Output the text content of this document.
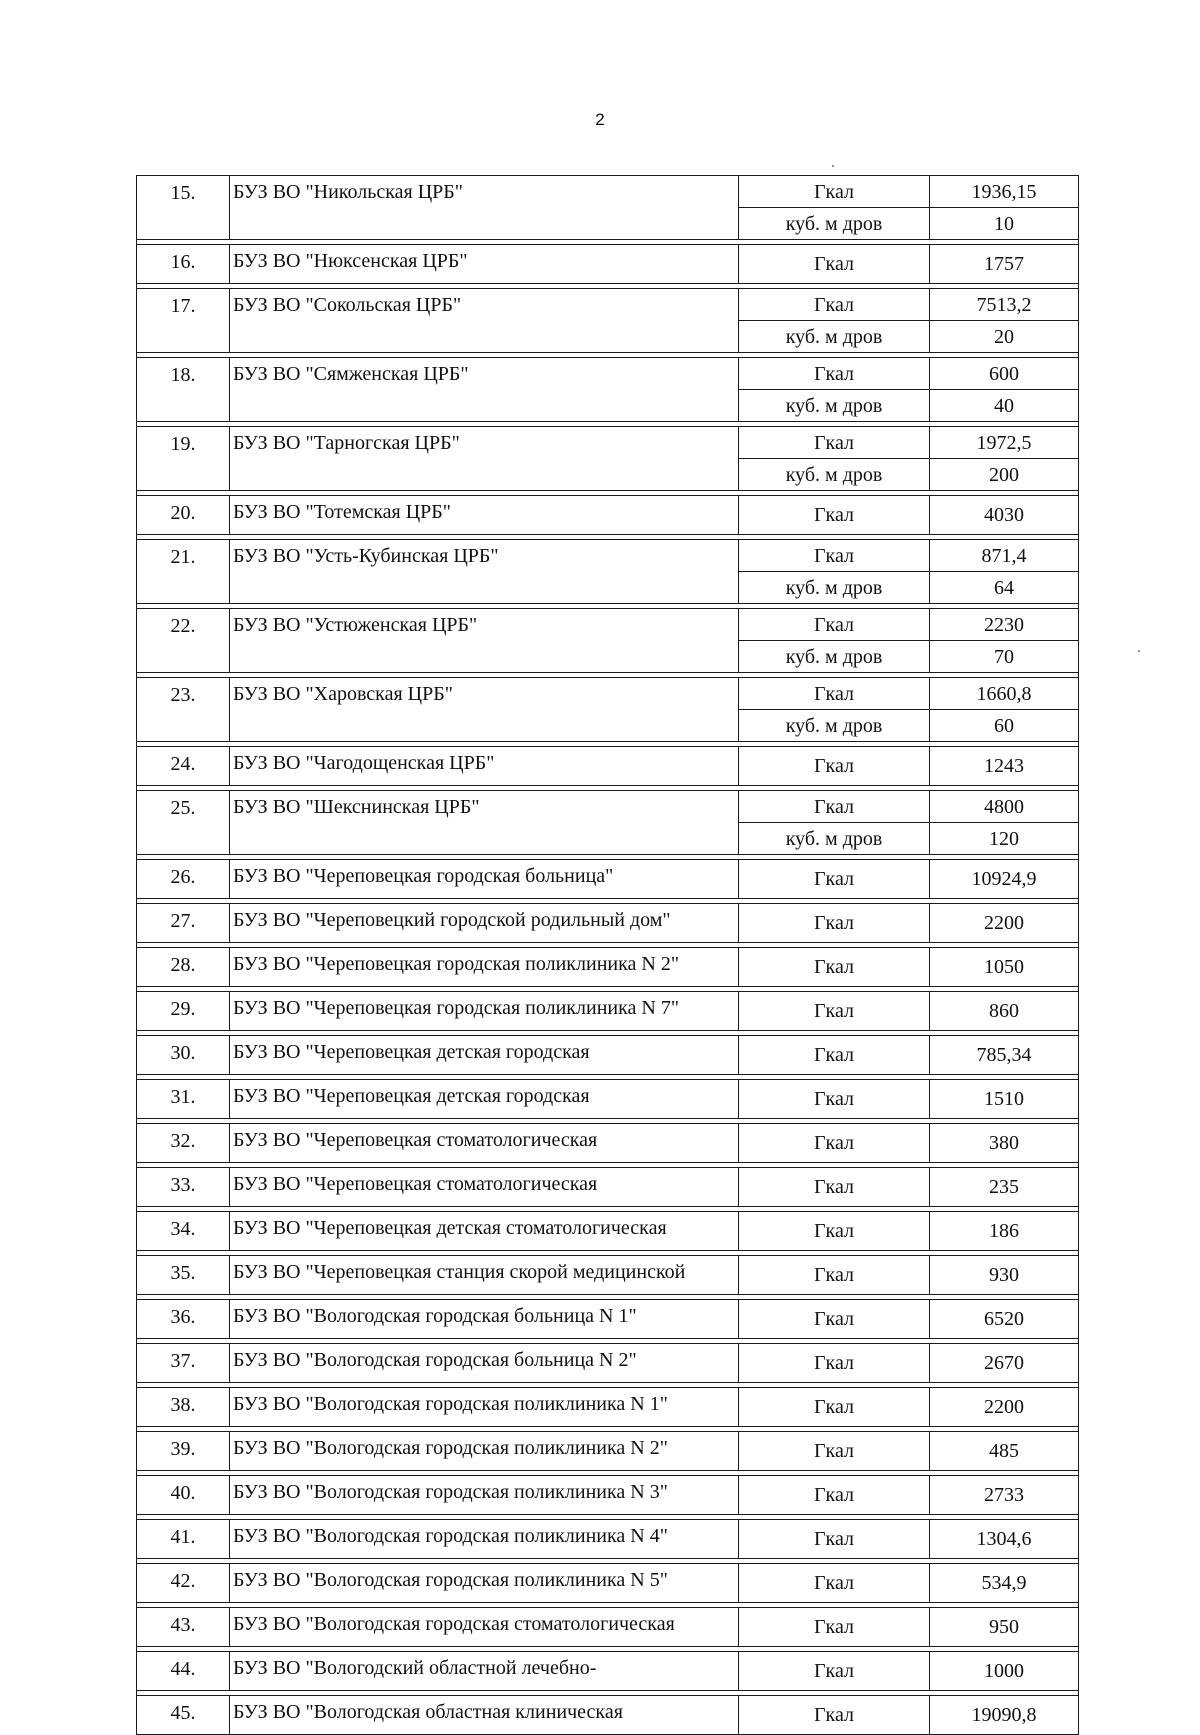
2
15.	БУЗ ВО "Никольская ЦРБ"	Гкал	1936,15
		куб. м дров	10

16.	БУЗ ВО "Нюксенская ЦРБ"	Гкал	1757

17.	БУЗ ВО "Сокольская ЦРБ"	Гкал	7513,2
		куб. м дров	20

18.	БУЗ ВО "Сямженская ЦРБ"	Гкал	600
		куб. м дров	40

19.	БУЗ ВО "Тарногская ЦРБ"	Гкал	1972,5
		куб. м дров	200

20.	БУЗ ВО "Тотемская ЦРБ"	Гкал	4030

21.	БУЗ ВО "Усть-Кубинская ЦРБ"	Гкал	871,4
		куб. м дров	64

22.	БУЗ ВО "Устюженская ЦРБ"	Гкал	2230
		куб. м дров	70

23.	БУЗ ВО "Харовская ЦРБ"	Гкал	1660,8
		куб. м дров	60

24.	БУЗ ВО "Чагодощенская ЦРБ"	Гкал	1243

25.	БУЗ ВО "Шекснинская ЦРБ"	Гкал	4800
		куб. м дров	120

26.	БУЗ ВО "Череповецкая городская больница"	Гкал	10924,9

27.	БУЗ ВО "Череповецкий городской родильный дом"	Гкал	2200

28.	БУЗ ВО "Череповецкая городская поликлиника N 2"	Гкал	1050

29.	БУЗ ВО "Череповецкая городская поликлиника N 7"	Гкал	860

30.	БУЗ ВО "Череповецкая детская городская	Гкал	785,34

31.	БУЗ ВО "Череповецкая детская городская	Гкал	1510

32.	БУЗ ВО "Череповецкая стоматологическая	Гкал	380

33.	БУЗ ВО "Череповецкая стоматологическая	Гкал	235

34.	БУЗ ВО "Череповецкая детская стоматологическая	Гкал	186

35.	БУЗ ВО "Череповецкая станция скорой медицинской	Гкал	930

36.	БУЗ ВО "Вологодская городская больница N 1"	Гкал	6520

37.	БУЗ ВО "Вологодская городская больница N 2"	Гкал	2670

38.	БУЗ ВО "Вологодская городская поликлиника N 1"	Гкал	2200

39.	БУЗ ВО "Вологодская городская поликлиника N 2"	Гкал	485

40.	БУЗ ВО "Вологодская городская поликлиника N 3"	Гкал	2733

41.	БУЗ ВО "Вологодская городская поликлиника N 4"	Гкал	1304,6

42.	БУЗ ВО "Вологодская городская поликлиника N 5"	Гкал	534,9

43.	БУЗ ВО "Вологодская городская стоматологическая	Гкал	950

44.	БУЗ ВО "Вологодский областной лечебно-	Гкал	1000

45.	БУЗ ВО "Вологодская областная клиническая	Гкал	19090,8
